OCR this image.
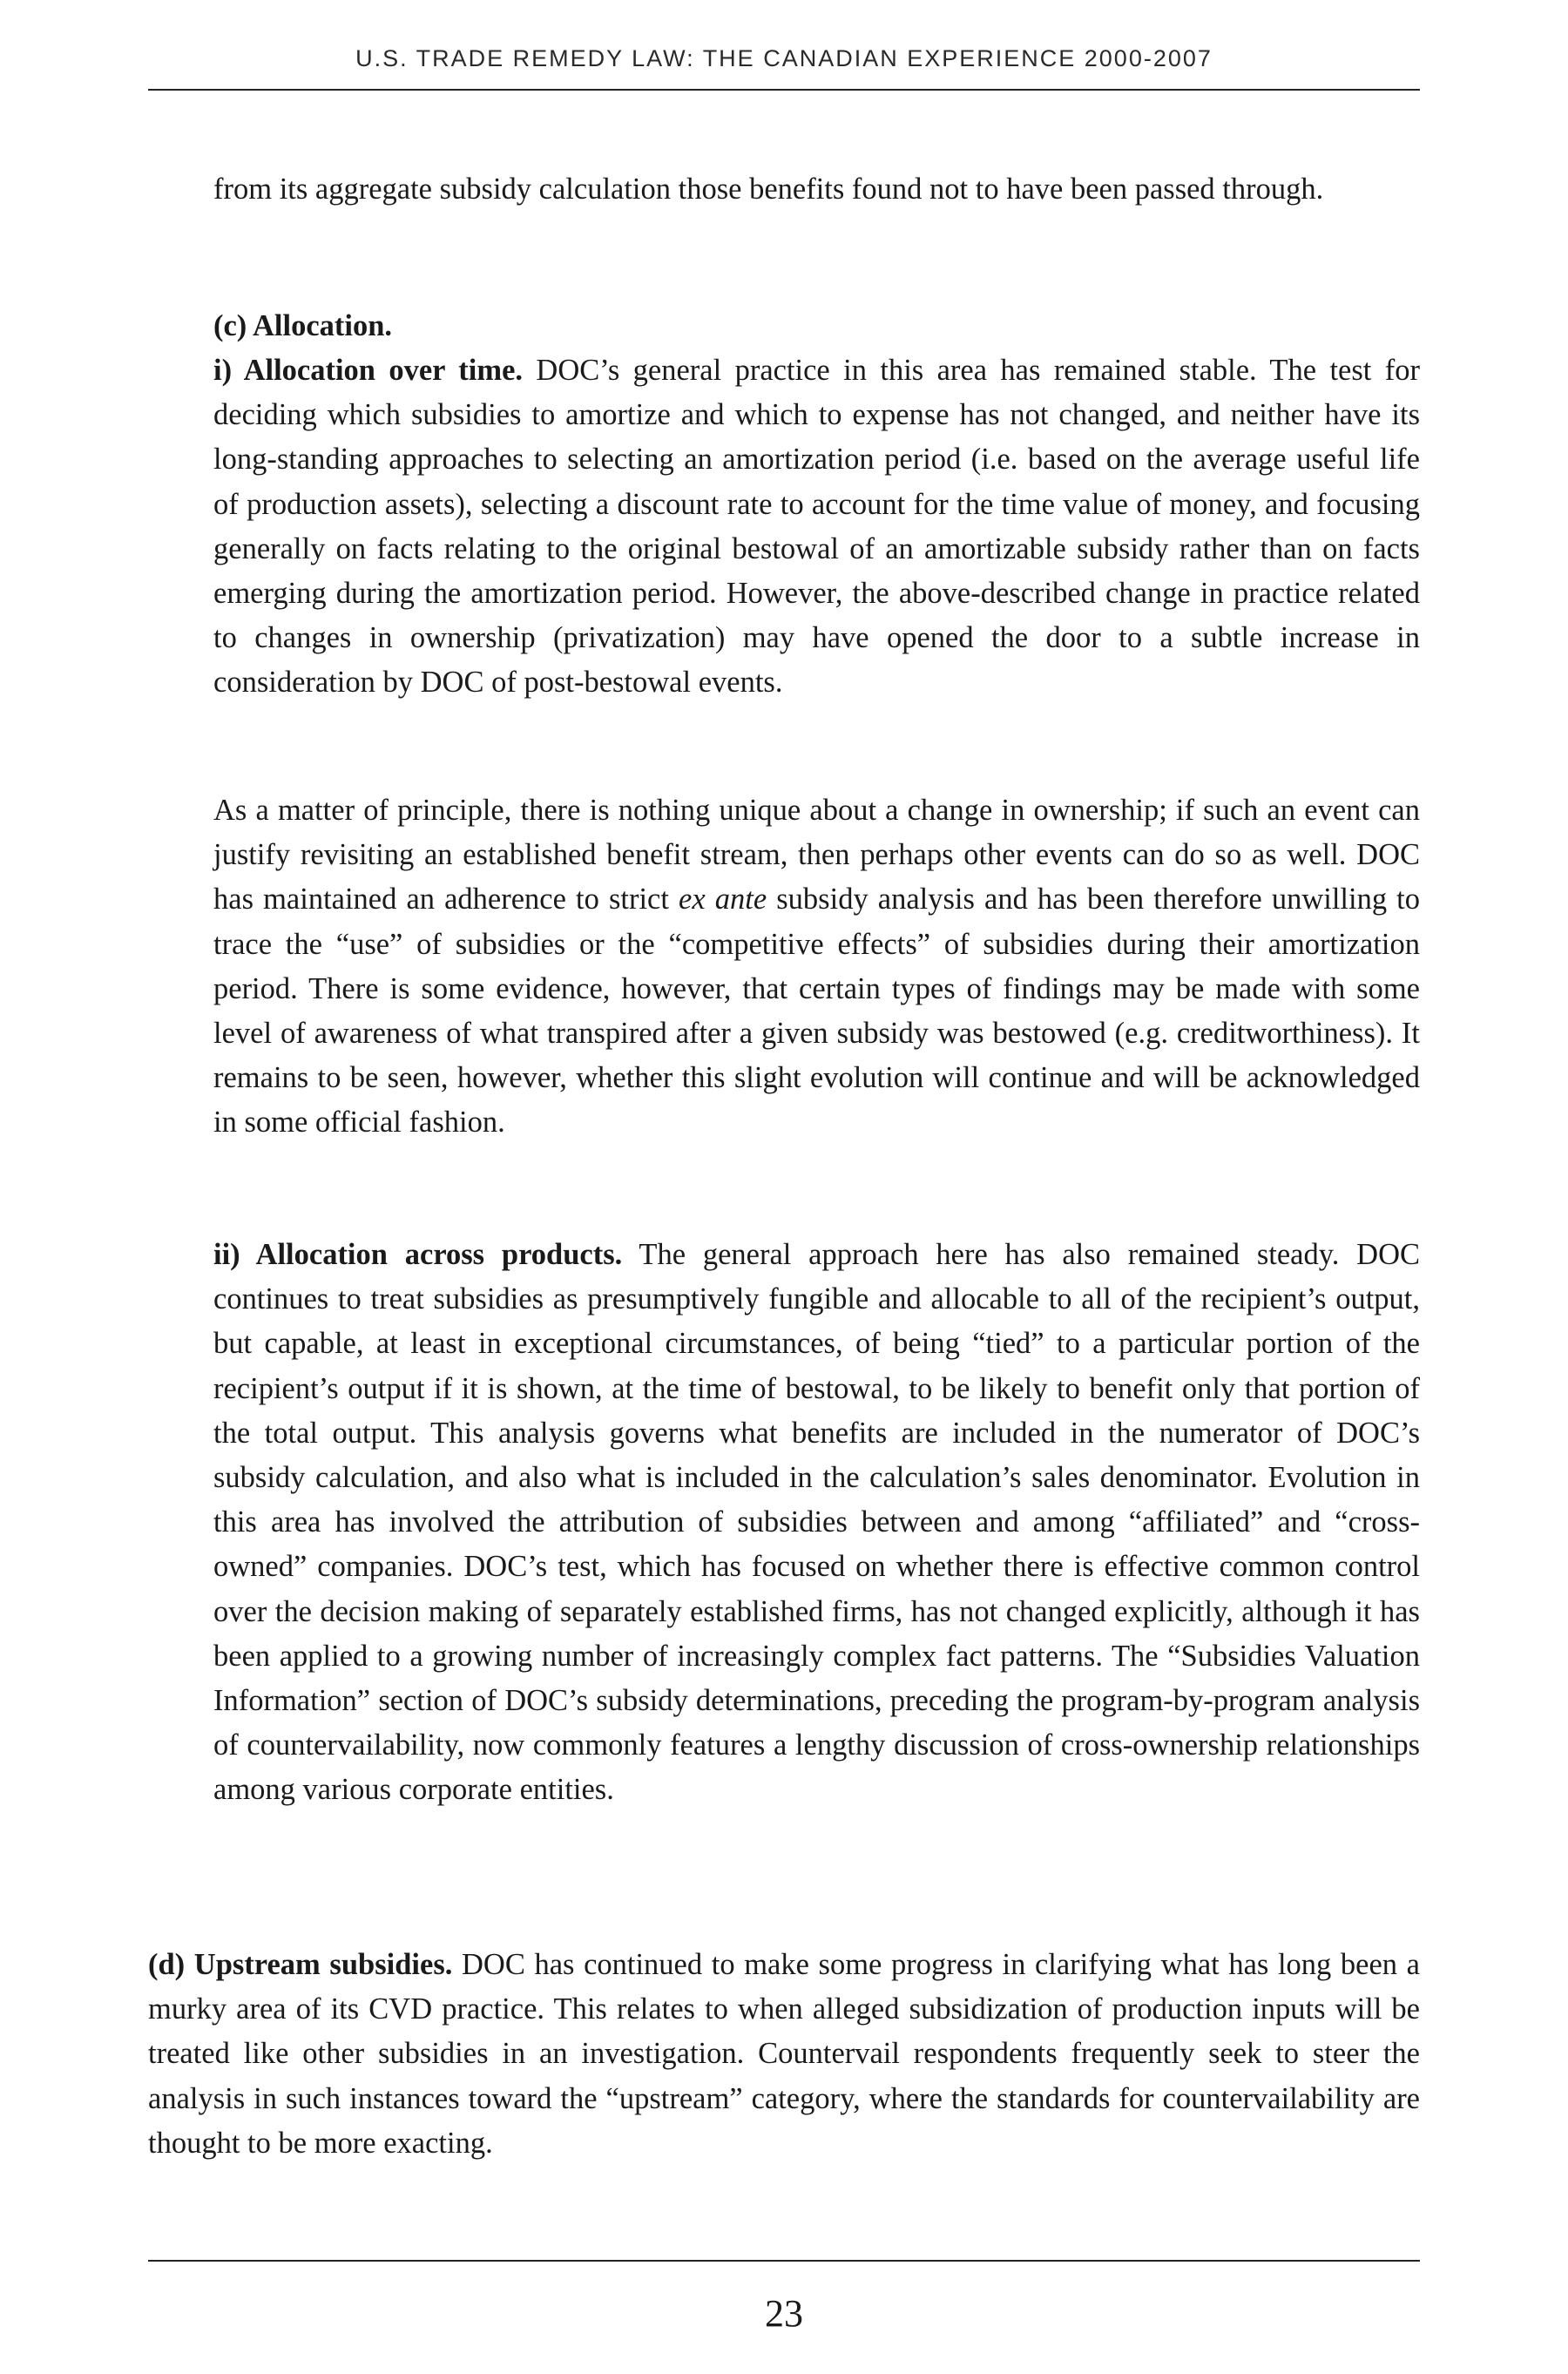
U.S. TRADE REMEDY LAW: THE CANADIAN EXPERIENCE 2000-2007

from its aggregate subsidy calculation those benefits found not to have been passed through.

(c) Allocation.

i) Allocation over time. DOC’s general practice in this area has remained stable. The test for deciding which subsidies to amortize and which to expense has not changed, and neither have its long-standing approaches to selecting an amortization period (i.e. based on the average useful life of production assets), selecting a discount rate to account for the time value of money, and focusing generally on facts relating to the original bestowal of an amortizable subsidy rather than on facts emerging during the amortization period. However, the above-described change in practice related to changes in ownership (privatization) may have opened the door to a subtle increase in consideration by DOC of post-bestowal events.

As a matter of principle, there is nothing unique about a change in ownership; if such an event can justify revisiting an established benefit stream, then perhaps other events can do so as well. DOC has maintained an adherence to strict ex ante subsidy analysis and has been therefore unwilling to trace the “use” of subsidies or the “competitive effects” of subsidies during their amortization period. There is some evidence, however, that certain types of findings may be made with some level of awareness of what transpired after a given subsidy was bestowed (e.g. creditworthiness). It remains to be seen, however, whether this slight evolution will continue and will be acknowledged in some official fashion.

ii) Allocation across products. The general approach here has also remained steady. DOC continues to treat subsidies as presumptively fungible and allocable to all of the recipient’s output, but capable, at least in exceptional circumstances, of being “tied” to a particular portion of the recipient’s output if it is shown, at the time of bestowal, to be likely to benefit only that portion of the total output. This analysis governs what benefits are included in the numerator of DOC’s subsidy calculation, and also what is included in the calculation’s sales denominator. Evolution in this area has involved the attribution of subsidies between and among “affiliated” and “cross-owned” companies. DOC’s test, which has focused on whether there is effective common control over the decision making of separately established firms, has not changed explicitly, although it has been applied to a growing number of increasingly complex fact patterns. The “Subsidies Valuation Information” section of DOC’s subsidy determinations, preceding the program-by-program analysis of countervailability, now commonly features a lengthy discussion of cross-ownership relationships among various corporate entities.

(d) Upstream subsidies. DOC has continued to make some progress in clarifying what has long been a murky area of its CVD practice. This relates to when alleged subsidization of production inputs will be treated like other subsidies in an investigation. Countervail respondents frequently seek to steer the analysis in such instances toward the “upstream” category, where the standards for countervailability are thought to be more exacting.

23
